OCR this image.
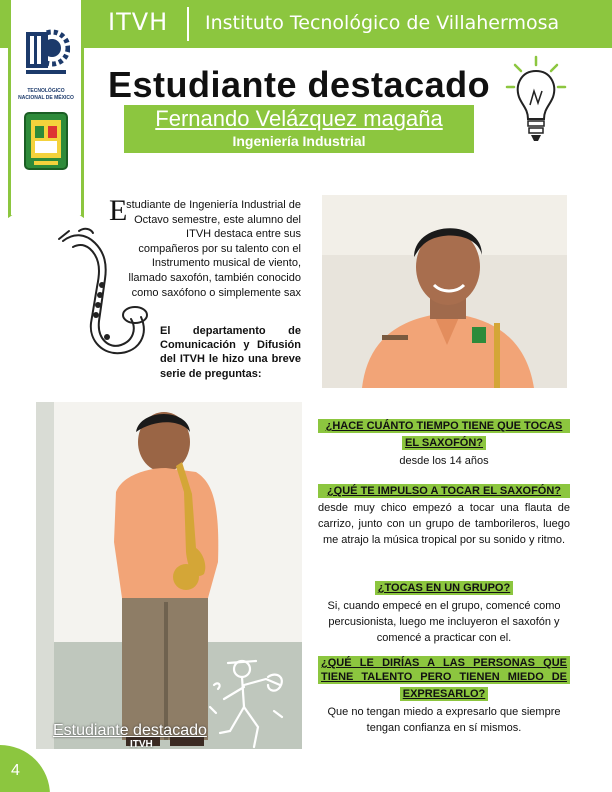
ITVH Instituto Tecnológico de Villahermosa
TECNOLÓGICO NACIONAL DE MÉXICO Estudiante destacado
Fernando Velázquez magaña
Ingeniería Industrial
E
studiante de Ingeniería Industrial de Octavo semestre, este alumno del ITVH destaca entre sus compañeros por su talento con el Instrumento musical de viento, llamado saxofón, también conocido como saxófono o simplemente sax
El departamento de Comunicación y Difusión del ITVH le hizo una breve serie de preguntas:
Estudiante destacado
ITVH
¿HACE CUÁNTO TIEMPO TIENE QUE TOCAS
EL SAXOFÓN?
desde los 14 años
¿QUÉ TE IMPULSO A TOCAR EL SAXOFÓN?
desde muy chico empezó a tocar una flauta de carrizo, junto con un grupo de tamborileros, luego me atrajo la música tropical por su sonido y ritmo.
¿TOCAS EN UN GRUPO?
Si, cuando empecé en el grupo, comencé como percusionista, luego me incluyeron el saxofón y comencé a practicar con el.
¿QUÉ LE DIRÍAS A LAS PERSONAS QUE
TIENE TALENTO PERO TIENEN MIEDO DE
EXPRESARLO?
Que no tengan miedo a expresarlo que siempre tengan confianza en sí mismos.
4
